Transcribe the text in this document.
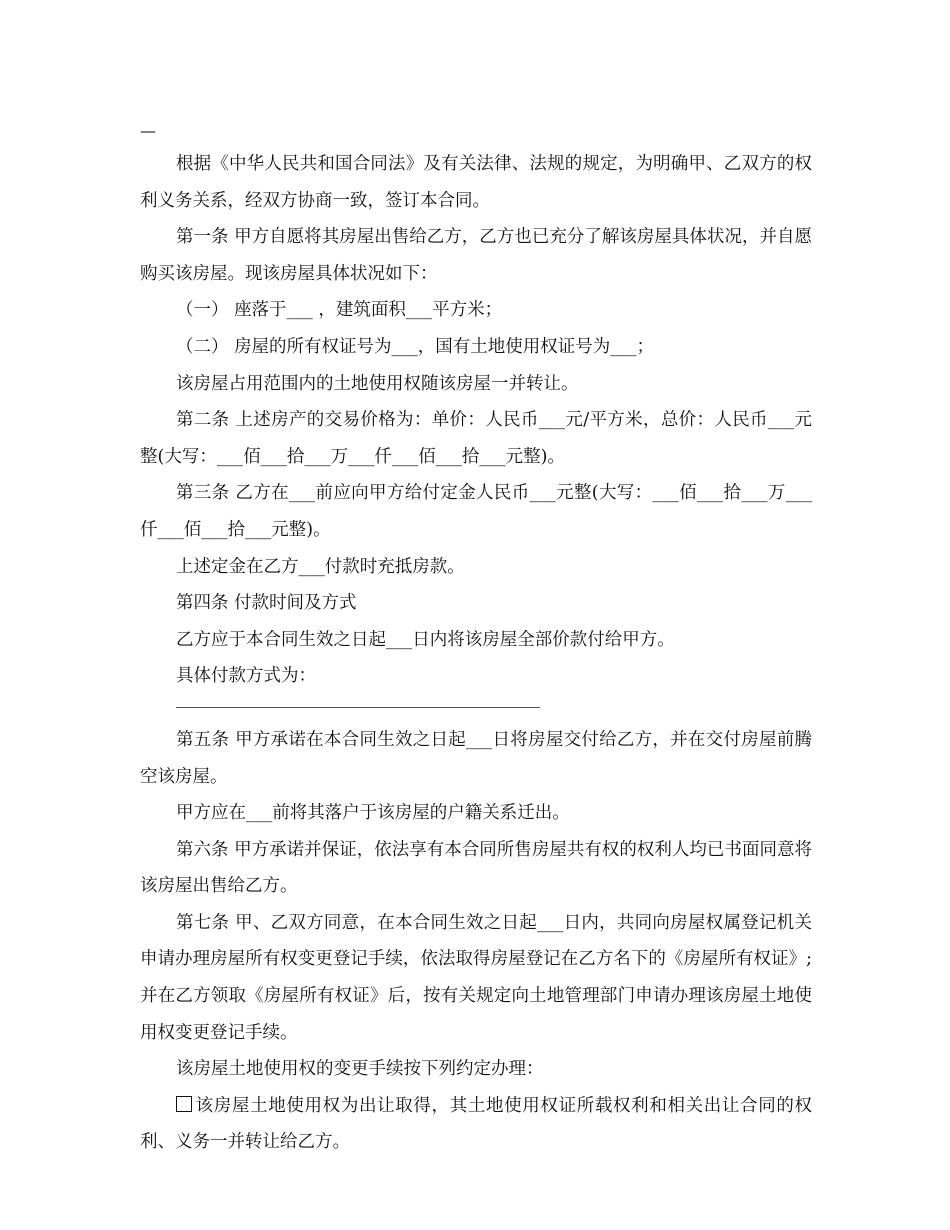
—

根据《中华人民共和国合同法》及有关法律、法规的规定，为明确甲、乙双方的权利义务关系，经双方协商一致，签订本合同。

第一条 甲方自愿将其房屋出售给乙方，乙方也已充分了解该房屋具体状况，并自愿购买该房屋。现该房屋具体状况如下：

（一） 座落于___ ，建筑面积___平方米；

（二） 房屋的所有权证号为___，国有土地使用权证号为___；

该房屋占用范围内的土地使用权随该房屋一并转让。

第二条 上述房产的交易价格为：单价：人民币___元/平方米，总价：人民币___元整(大写：___佰___拾___万___仟___佰___拾___元整)。

第三条 乙方在___前应向甲方给付定金人民币___元整(大写：___佰___拾___万___仟___佰___拾___元整)。

上述定金在乙方___付款时充抵房款。

第四条 付款时间及方式

乙方应于本合同生效之日起___日内将该房屋全部价款付给甲方。

具体付款方式为：

第五条 甲方承诺在本合同生效之日起___日将房屋交付给乙方，并在交付房屋前腾空该房屋。

甲方应在___前将其落户于该房屋的户籍关系迁出。

第六条 甲方承诺并保证，依法享有本合同所售房屋共有权的权利人均已书面同意将该房屋出售给乙方。

第七条 甲、乙双方同意，在本合同生效之日起___日内，共同向房屋权属登记机关申请办理房屋所有权变更登记手续，依法取得房屋登记在乙方名下的《房屋所有权证》;并在乙方领取《房屋所有权证》后，按有关规定向土地管理部门申请办理该房屋土地使用权变更登记手续。

该房屋土地使用权的变更手续按下列约定办理：

该房屋土地使用权为出让取得，其土地使用权证所载权利和相关出让合同的权利、义务一并转让给乙方。
